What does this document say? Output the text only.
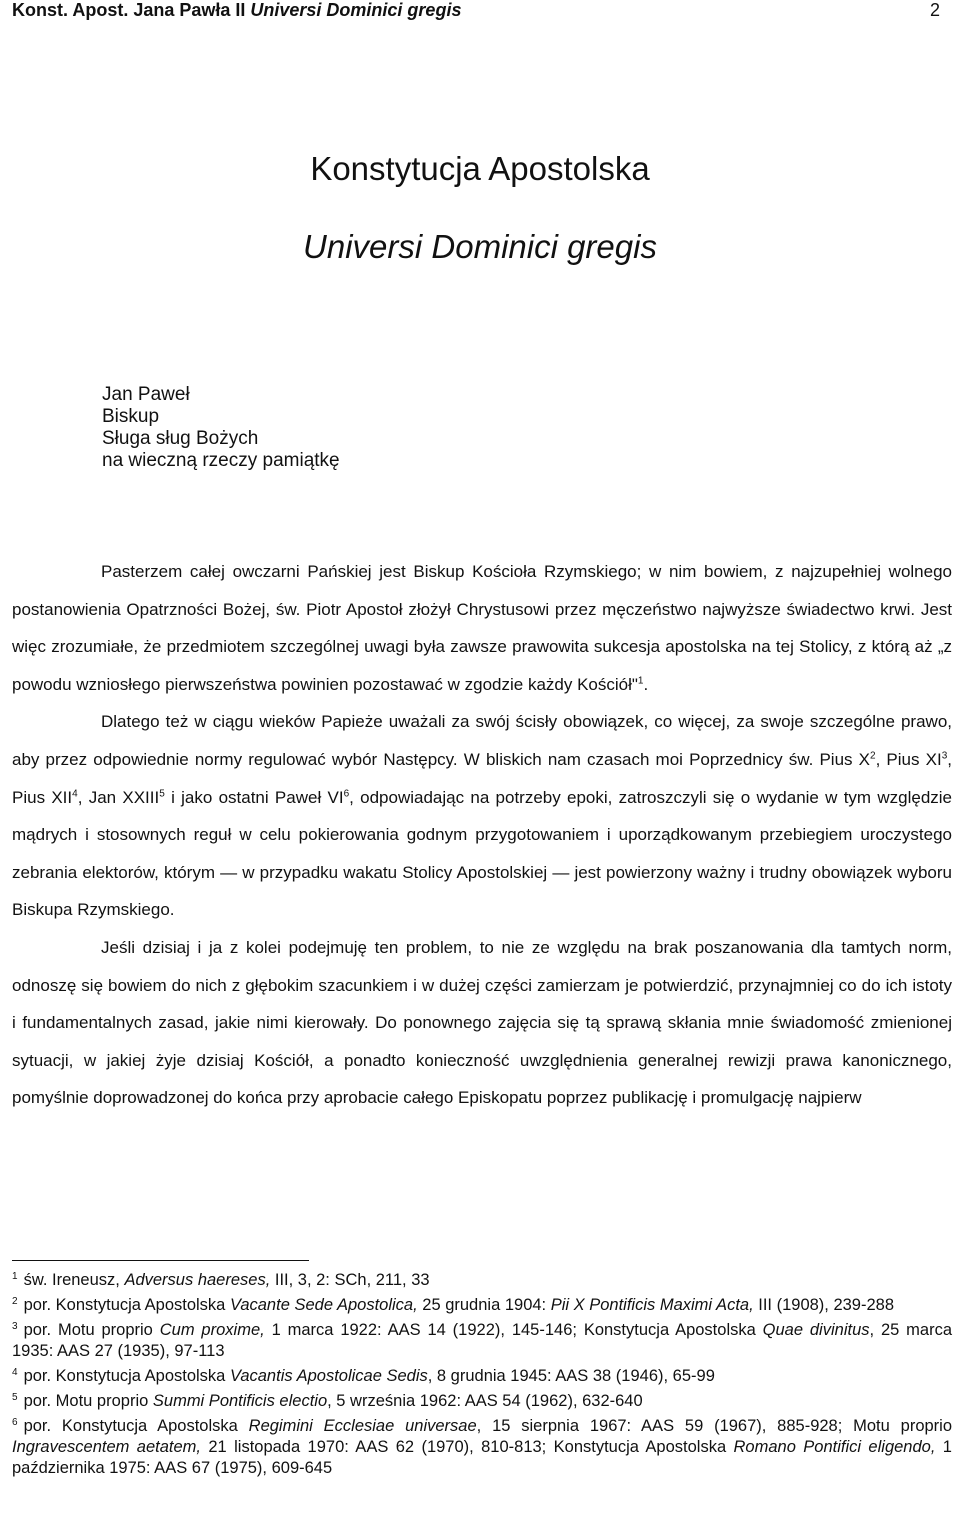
Konst. Apost. Jana Pawła II Universi Dominici gregis	2
Konstytucja Apostolska
Universi Dominici gregis
Jan Paweł
Biskup
Sługa sług Bożych
na wieczną rzeczy pamiątkę

Pasterzem całej owczarni Pańskiej jest Biskup Kościoła Rzymskiego; w nim bowiem, z najzupełniej wolnego postanowienia Opatrzności Bożej, św. Piotr Apostoł złożył Chrystusowi przez męczeństwo najwyższe świadectwo krwi. Jest więc zrozumiałe, że przedmiotem szczególnej uwagi była zawsze prawowita sukcesja apostolska na tej Stolicy, z którą aż „z powodu wzniosłego pierwszeństwa powinien pozostawać w zgodzie każdy Kościół"$^1$.

Dlatego też w ciągu wieków Papieże uważali za swój ścisły obowiązek, co więcej, za swoje szczególne prawo, aby przez odpowiednie normy regulować wybór Następcy. W bliskich nam czasach moi Poprzednicy św. Pius $X^2$, Pius $XI^3$, Pius XII$^4$, Jan XXIII$^5$ i jako ostatni Paweł $VI^6$, odpowiadając na potrzeby epoki, zatroszczyli się o wydanie w tym względzie mądrych i stosownych reguł w celu pokierowania godnym przygotowaniem i uporządkowanym przebiegiem uroczystego zebrania elektorów, którym — w przypadku wakatu Stolicy Apostolskiej — jest powierzony ważny i trudny obowiązek wyboru Biskupa Rzymskiego.

Jeśli dzisiaj i ja z kolei podejmuję ten problem, to nie ze względu na brak poszanowania dla tamtych norm, odnoszę się bowiem do nich z głębokim szacunkiem i w dużej części zamierzam je potwierdzić, przynajmniej co do ich istoty i fundamentalnych zasad, jakie nimi kierowały. Do ponownego zajęcia się tą sprawą skłania mnie świadomość zmienionej sytuacji, w jakiej żyje dzisiaj Kościół, a ponadto konieczność uwzględnienia generalnej rewizji prawa kanonicznego, pomyślnie doprowadzonej do końca przy aprobacie całego Episkopatu poprzez publikację i promulgację najpierw

$^1$ św. Ireneusz, Adversus haereses, III, 3, 2: SCh, 211, 33
$^2$ por. Konstytucja Apostolska Vacante Sede Apostolica, 25 grudnia 1904: Pii X Pontificis Maximi Acta, III (1908), 239-288
$^3$ por. Motu proprio Cum proxime, 1 marca 1922: AAS 14 (1922), 145-146; Konstytucja Apostolska Quae divinitus, 25 marca 1935: AAS 27 (1935), 97-113
$^4$ por. Konstytucja Apostolska Vacantis Apostolicae Sedis, 8 grudnia 1945: AAS 38 (1946), 65-99
$^5$ por. Motu proprio Summi Pontificis electio, 5 września 1962: AAS 54 (1962), 632-640
$^6$ por. Konstytucja Apostolska Regimini Ecclesiae universae, 15 sierpnia 1967: AAS 59 (1967), 885-928; Motu proprio Ingravescentem aetatem, 21 listopada 1970: AAS 62 (1970), 810-813; Konstytucja Apostolska Romano Pontifici eligendo, 1 października 1975: AAS 67 (1975), 609-645
